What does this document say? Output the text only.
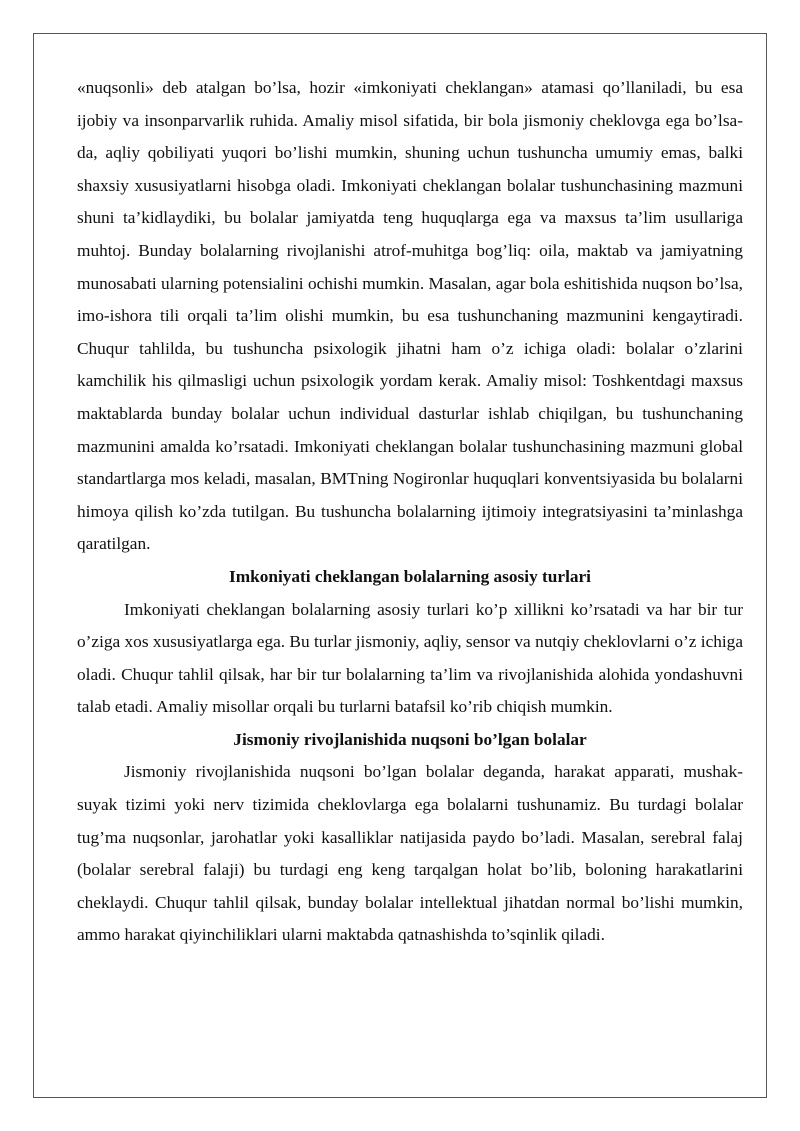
«nuqsonli» deb atalgan bo’lsa, hozir «imkoniyati cheklangan» atamasi qo’llaniladi, bu esa ijobiy va insonparvarlik ruhida. Amaliy misol sifatida, bir bola jismoniy cheklovga ega bo’lsa-da, aqliy qobiliyati yuqori bo’lishi mumkin, shuning uchun tushuncha umumiy emas, balki shaxsiy xususiyatlarni hisobga oladi. Imkoniyati cheklangan bolalar tushunchasining mazmuni shuni ta’kidlaydiki, bu bolalar jamiyatda teng huquqlarga ega va maxsus ta’lim usullariga muhtoj. Bunday bolalarning rivojlanishi atrof-muhitga bog’liq: oila, maktab va jamiyatning munosabati ularning potensialini ochishi mumkin. Masalan, agar bola eshitishida nuqson bo’lsa, imo-ishora tili orqali ta’lim olishi mumkin, bu esa tushunchaning mazmunini kengaytiradi. Chuqur tahlilda, bu tushuncha psixologik jihatni ham o’z ichiga oladi: bolalar o’zlarini kamchilik his qilmasligi uchun psixologik yordam kerak. Amaliy misol: Toshkentdagi maxsus maktablarda bunday bolalar uchun individual dasturlar ishlab chiqilgan, bu tushunchaning mazmunini amalda ko’rsatadi. Imkoniyati cheklangan bolalar tushunchasining mazmuni global standartlarga mos keladi, masalan, BMTning Nogironlar huquqlari konventsiyasida bu bolalarni himoya qilish ko’zda tutilgan. Bu tushuncha bolalarning ijtimoiy integratsiyasini ta’minlashga qaratilgan.

Imkoniyati cheklangan bolalarning asosiy turlari

Imkoniyati cheklangan bolalarning asosiy turlari ko’p xillikni ko’rsatadi va har bir tur o’ziga xos xususiyatlarga ega. Bu turlar jismoniy, aqliy, sensor va nutqiy cheklovlarni o’z ichiga oladi. Chuqur tahlil qilsak, har bir tur bolalarning ta’lim va rivojlanishida alohida yondashuvni talab etadi. Amaliy misollar orqali bu turlarni batafsil ko’rib chiqish mumkin.

Jismoniy rivojlanishida nuqsoni bo’lgan bolalar

Jismoniy rivojlanishida nuqsoni bo’lgan bolalar deganda, harakat apparati, mushak-suyak tizimi yoki nerv tizimida cheklovlarga ega bolalarni tushunamiz. Bu turdagi bolalar tug’ma nuqsonlar, jarohatlar yoki kasalliklar natijasida paydo bo’ladi. Masalan, serebral falaj (bolalar serebral falaji) bu turdagi eng keng tarqalgan holat bo’lib, boloning harakatlarini cheklaydi. Chuqur tahlil qilsak, bunday bolalar intellektual jihatdan normal bo’lishi mumkin, ammo harakat qiyinchiliklari ularni maktabda qatnashishda to’sqinlik qiladi.
